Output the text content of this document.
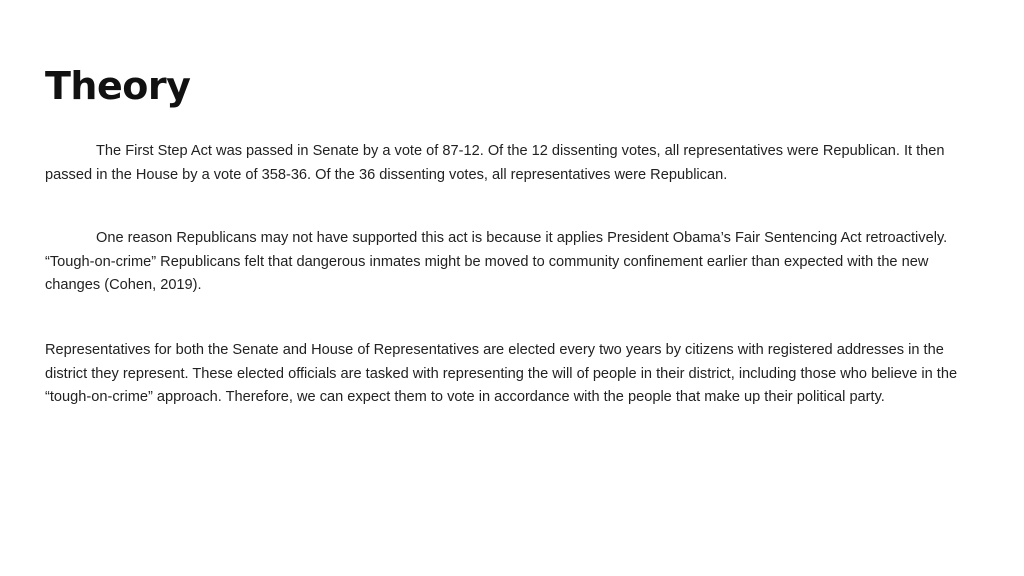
Theory

The First Step Act was passed in Senate by a vote of 87-12. Of the 12 dissenting votes, all representatives were Republican. It then passed in the House by a vote of 358-36. Of the 36 dissenting votes, all representatives were Republican.

One reason Republicans may not have supported this act is because it applies President Obama’s Fair Sentencing Act retroactively. “Tough-on-crime” Republicans felt that dangerous inmates might be moved to community confinement earlier than expected with the new changes (Cohen, 2019).

Representatives for both the Senate and House of Representatives are elected every two years by citizens with registered addresses in the district they represent. These elected officials are tasked with representing the will of people in their district, including those who believe in the “tough-on-crime” approach. Therefore, we can expect them to vote in accordance with the people that make up their political party.
